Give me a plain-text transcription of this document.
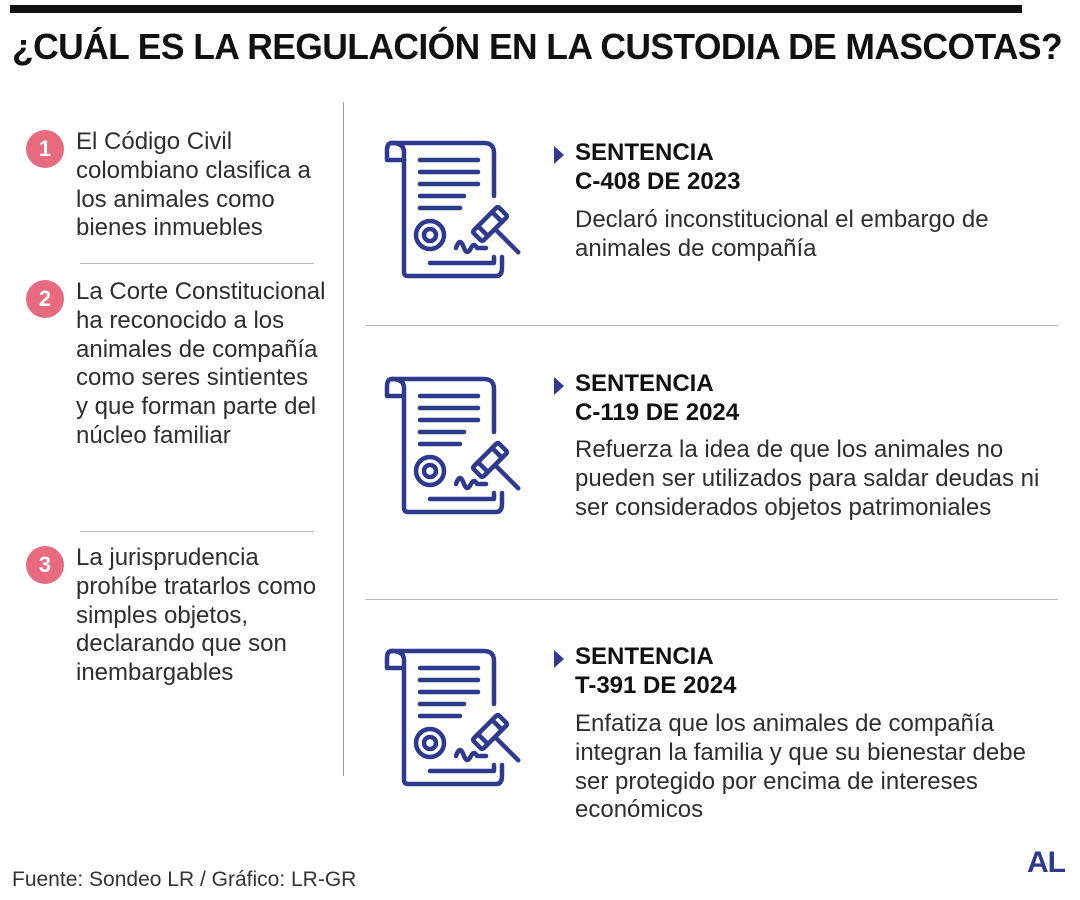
¿CUÁL ES LA REGULACIÓN EN LA CUSTODIA DE MASCOTAS?
1	El Código Civil colombiano clasifica a los animales como bienes inmuebles
2	La Corte Constitucional ha reconocido a los animales de compañía como seres sintientes y que forman parte del núcleo familiar
3	La jurisprudencia prohíbe tratarlos como simples objetos, declarando que son inembargables
SENTENCIA
C-408 DE 2023
Declaró inconstitucional el embargo de animales de compañía
SENTENCIA
C-119 DE 2024
Refuerza la idea de que los animales no pueden ser utilizados para saldar deudas ni ser considerados objetos patrimoniales
SENTENCIA
T-391 DE 2024
Enfatiza que los animales de compañía integran la familia y que su bienestar debe ser protegido por encima de intereses económicos
Fuente: Sondeo LR / Gráfico: LR-GR
AL
